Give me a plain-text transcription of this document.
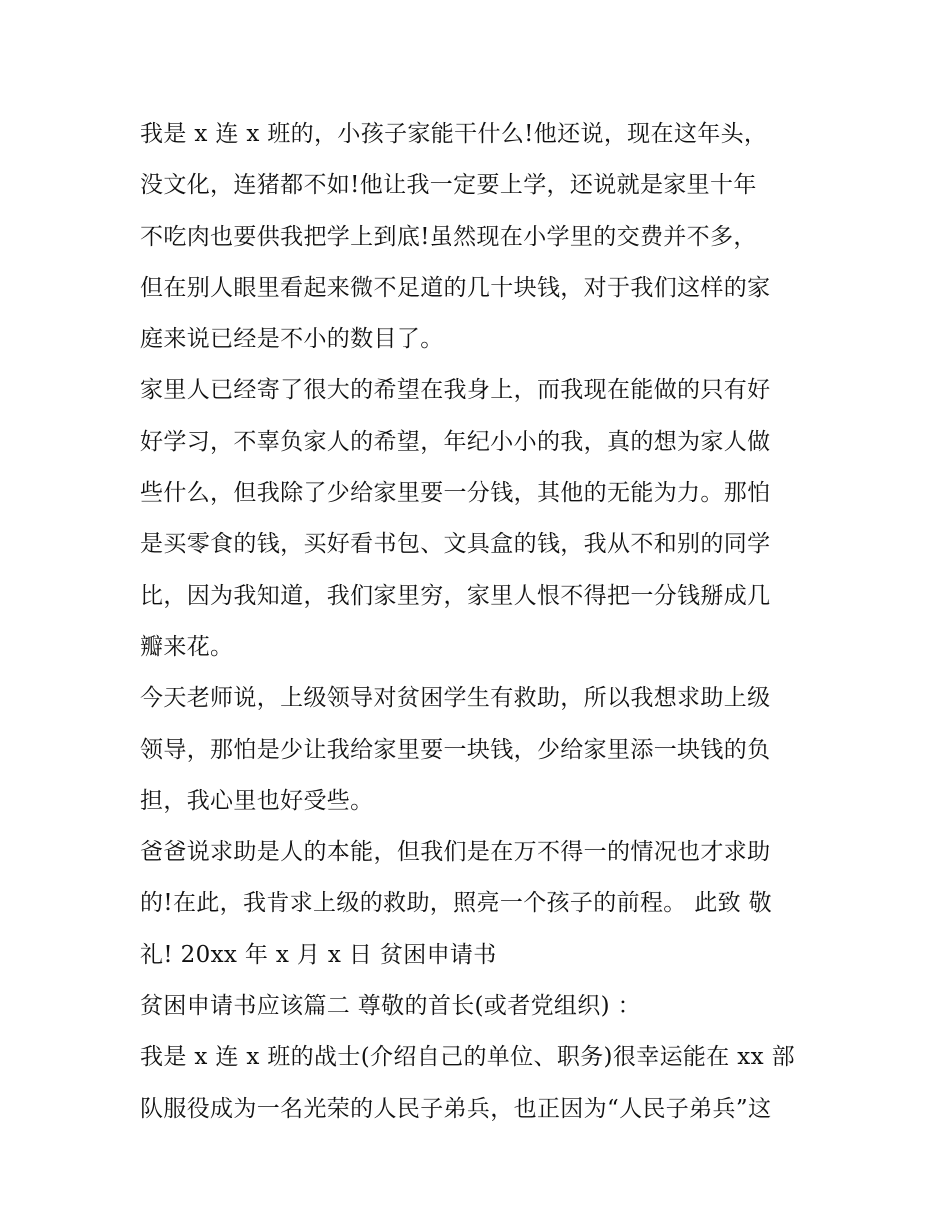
我是 x 连 x 班的，小孩子家能干什么!他还说，现在这年头，
没文化，连猪都不如!他让我一定要上学，还说就是家里十年
不吃肉也要供我把学上到底!虽然现在小学里的交费并不多，
但在别人眼里看起来微不足道的几十块钱，对于我们这样的家
庭来说已经是不小的数目了。
家里人已经寄了很大的希望在我身上，而我现在能做的只有好
好学习，不辜负家人的希望，年纪小小的我，真的想为家人做
些什么，但我除了少给家里要一分钱，其他的无能为力。那怕
是买零食的钱，买好看书包、文具盒的钱，我从不和别的同学
比，因为我知道，我们家里穷，家里人恨不得把一分钱掰成几
瓣来花。
今天老师说，上级领导对贫困学生有救助，所以我想求助上级
领导，那怕是少让我给家里要一块钱，少给家里添一块钱的负
担，我心里也好受些。
爸爸说求助是人的本能，但我们是在万不得一的情况也才求助
的!在此，我肯求上级的救助，照亮一个孩子的前程。 此致 敬
礼! 20xx 年 x 月 x 日 贫困申请书
贫困申请书应该篇二 尊敬的首长(或者党组织) ：
我是 x 连 x 班的战士(介绍自己的单位、职务)很幸运能在 xx 部
队服役成为一名光荣的人民子弟兵，也正因为“人民子弟兵”这
